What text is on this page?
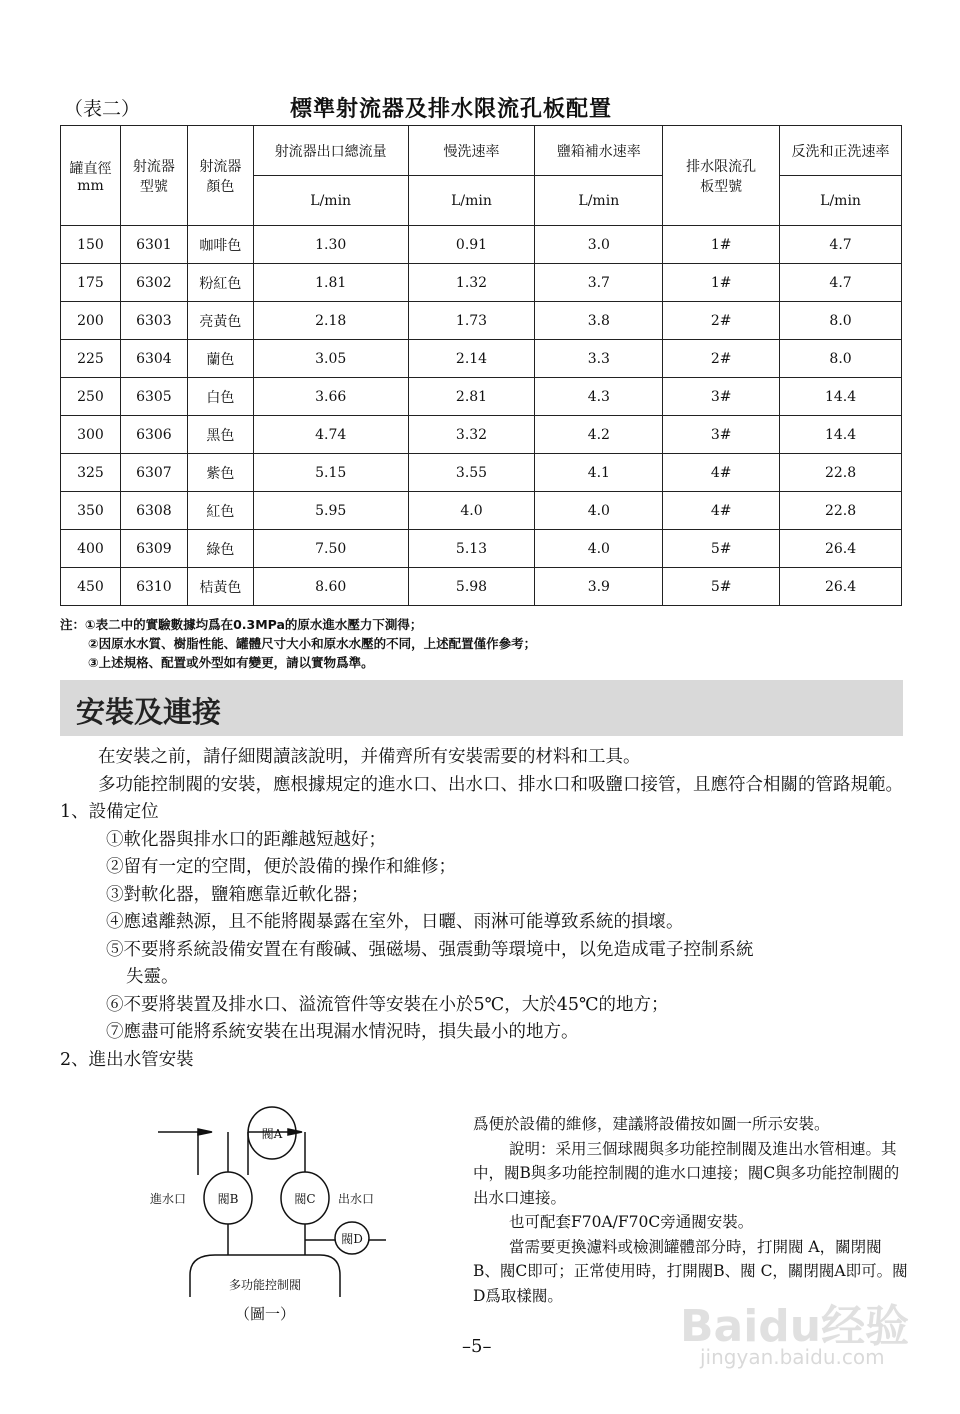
（表二）	標準射流器及排水限流孔板配置
罐直徑
mm	射流器型號	射流器顏色	射流器出口總流量	慢洗速率	鹽箱補水速率	排水限流孔板型號	反洗和正洗速率
			L/min	L/min	L/min		L/min
150	6301	咖啡色	1.30	0.91	3.0	1#	4.7
175	6302	粉紅色	1.81	1.32	3.7	1#	4.7
200	6303	亮黃色	2.18	1.73	3.8	2#	8.0
225	6304	蘭色	3.05	2.14	3.3	2#	8.0
250	6305	白色	3.66	2.81	4.3	3#	14.4
300	6306	黑色	4.74	3.32	4.2	3#	14.4
325	6307	紫色	5.15	3.55	4.1	4#	22.8
350	6308	紅色	5.95	4.0	4.0	4#	22.8
400	6309	綠色	7.50	5.13	4.0	5#	26.4
450	6310	桔黃色	8.60	5.98	3.9	5#	26.4
注：①表二中的實驗數據均爲在0.3MPa的原水進水壓力下測得；
②因原水水質、樹脂性能、罐體尺寸大小和原水水壓的不同，上述配置僅作參考；
③上述規格、配置或外型如有變更，請以實物爲準。
安裝及連接
在安裝之前，請仔細閱讀該說明，并備齊所有安裝需要的材料和工具。
多功能控制閥的安裝，應根據規定的進水口、出水口、排水口和吸鹽口接管，且應符合相關的管路規範。
1、設備定位
①軟化器與排水口的距離越短越好；
②留有一定的空間，便於設備的操作和維修；
③對軟化器，鹽箱應靠近軟化器；
④應遠離熱源，且不能將閥暴露在室外，日曬、雨淋可能導致系統的損壞。
⑤不要將系統設備安置在有酸碱、强磁場、强震動等環境中，以免造成電子控制系統
失靈。
⑥不要將裝置及排水口、溢流管件等安裝在小於5℃，大於45℃的地方；
⑦應盡可能將系統安裝在出現漏水情況時，損失最小的地方。
2、進出水管安裝
閥A
閥B	閥C
閥D
進水口	出水口
多功能控制閥
（圖一）
爲便於設備的維修，建議將設備按如圖一所示安裝。
說明：采用三個球閥與多功能控制閥及進出水管相連。其中，閥B與多功能控制閥的進水口連接；閥C與多功能控制閥的出水口連接。
也可配套F70A/F70C旁通閥安裝。
當需要更換濾料或檢測罐體部分時，打開閥 A，關閉閥B、閥C即可；正常使用時，打開閥B、閥 C，關閉閥A即可。閥D爲取樣閥。
–5–	Baidu经验
jingyan.baidu.com
